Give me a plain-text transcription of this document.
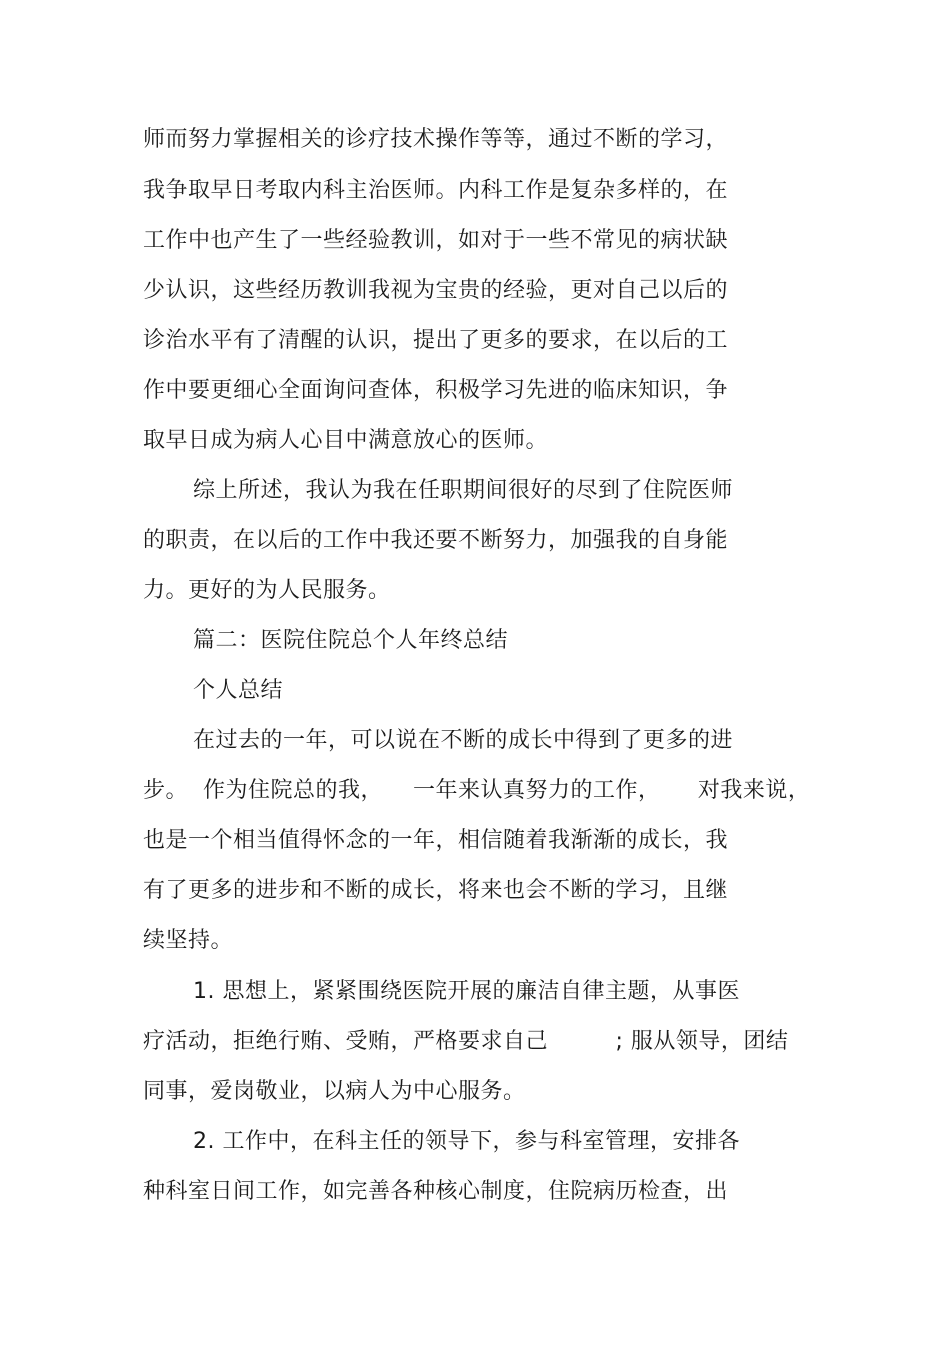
师而努力掌握相关的诊疗技术操作等等，通过不断的学习，
我争取早日考取内科主治医师。内科工作是复杂多样的，在
工作中也产生了一些经验教训，如对于一些不常见的病状缺
少认识，这些经历教训我视为宝贵的经验，更对自己以后的
诊治水平有了清醒的认识，提出了更多的要求，在以后的工
作中要更细心全面询问查体，积极学习先进的临床知识，争
取早日成为病人心目中满意放心的医师。
综上所述，我认为我在任职期间很好的尽到了住院医师
的职责，在以后的工作中我还要不断努力，加强我的自身能
力。更好的为人民服务。
篇二：医院住院总个人年终总结
个人总结
在过去的一年，可以说在不断的成长中得到了更多的进
步。  作为住院总的我，    一年来认真努力的工作，     对我来说，
也是一个相当值得怀念的一年，相信随着我渐渐的成长，我
有了更多的进步和不断的成长，将来也会不断的学习，且继
续坚持。
1. 思想上，紧紧围绕医院开展的廉洁自律主题，从事医
疗活动，拒绝行贿、受贿，严格要求自己         ; 服从领导，团结
同事，爱岗敬业，以病人为中心服务。
2. 工作中，在科主任的领导下，参与科室管理，安排各
种科室日间工作，如完善各种核心制度，住院病历检查，出
